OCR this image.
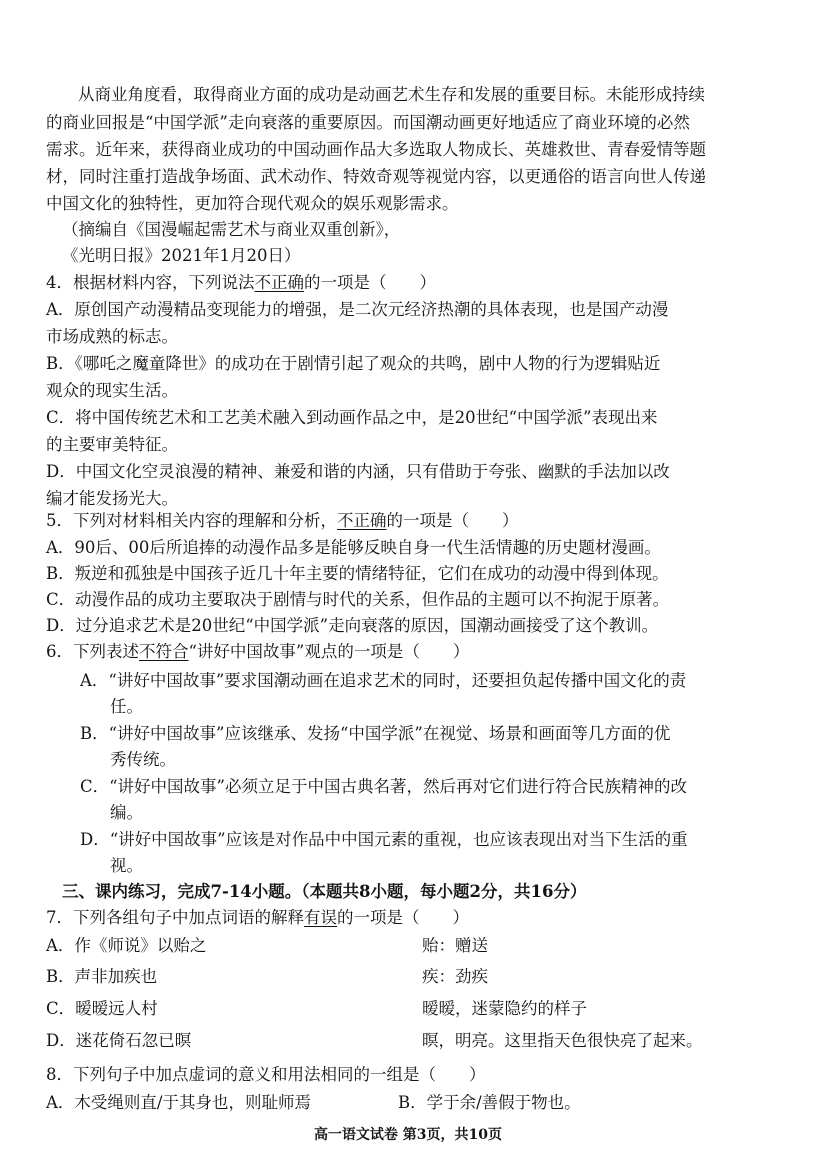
从商业角度看，取得商业方面的成功是动画艺术生存和发展的重要目标。未能形成持续
的商业回报是“中国学派”走向衰落的重要原因。而国潮动画更好地适应了商业环境的必然
需求。近年来，获得商业成功的中国动画作品大多选取人物成长、英雄救世、青春爱情等题
材，同时注重打造战争场面、武术动作、特效奇观等视觉内容，以更通俗的语言向世人传递
中国文化的独特性，更加符合现代观众的娱乐观影需求。
（摘编自《国漫崛起需艺术与商业双重创新》，
《光明日报》2021年1月20日）
4．根据材料内容，下列说法不正确的一项是（　　）
A．原创国产动漫精品变现能力的增强，是二次元经济热潮的具体表现，也是国产动漫
市场成熟的标志。
B．《哪吒之魔童降世》的成功在于剧情引起了观众的共鸣，剧中人物的行为逻辑贴近
观众的现实生活。
C．将中国传统艺术和工艺美术融入到动画作品之中，是20世纪“中国学派”表现出来
的主要审美特征。
D．中国文化空灵浪漫的精神、兼爱和谐的内涵，只有借助于夸张、幽默的手法加以改
编才能发扬光大。
5．下列对材料相关内容的理解和分析，不正确的一项是（　　）
A．90后、00后所追捧的动漫作品多是能够反映自身一代生活情趣的历史题材漫画。
B．叛逆和孤独是中国孩子近几十年主要的情绪特征，它们在成功的动漫中得到体现。
C．动漫作品的成功主要取决于剧情与时代的关系，但作品的主题可以不拘泥于原著。
D．过分追求艺术是20世纪“中国学派”走向衰落的原因，国潮动画接受了这个教训。
6．下列表述不符合“讲好中国故事”观点的一项是（　　）
A．“讲好中国故事”要求国潮动画在追求艺术的同时，还要担负起传播中国文化的责
任。
B．“讲好中国故事”应该继承、发扬“中国学派”在视觉、场景和画面等几方面的优
秀传统。
C．“讲好中国故事”必须立足于中国古典名著，然后再对它们进行符合民族精神的改
编。
D．“讲好中国故事”应该是对作品中中国元素的重视，也应该表现出对当下生活的重
视。
三、课内练习，完成7-14小题。（本题共8小题，每小题2分，共16分）
7．下列各组句子中加点词语的解释有误的一项是（　　）
A．作《师说》以贻之	贻：赠送
B．声非加疾也	疾：劲疾
C．暧暧远人村	暧暧，迷蒙隐约的样子
D．迷花倚石忽已暝	暝，明亮。这里指天色很快亮了起来。
8．下列句子中加点虚词的意义和用法相同的一组是（　　）
A．木受绳则直/于其身也，则耻师焉	B．学于余/善假于物也。
高一语文试卷 第3页，共10页
